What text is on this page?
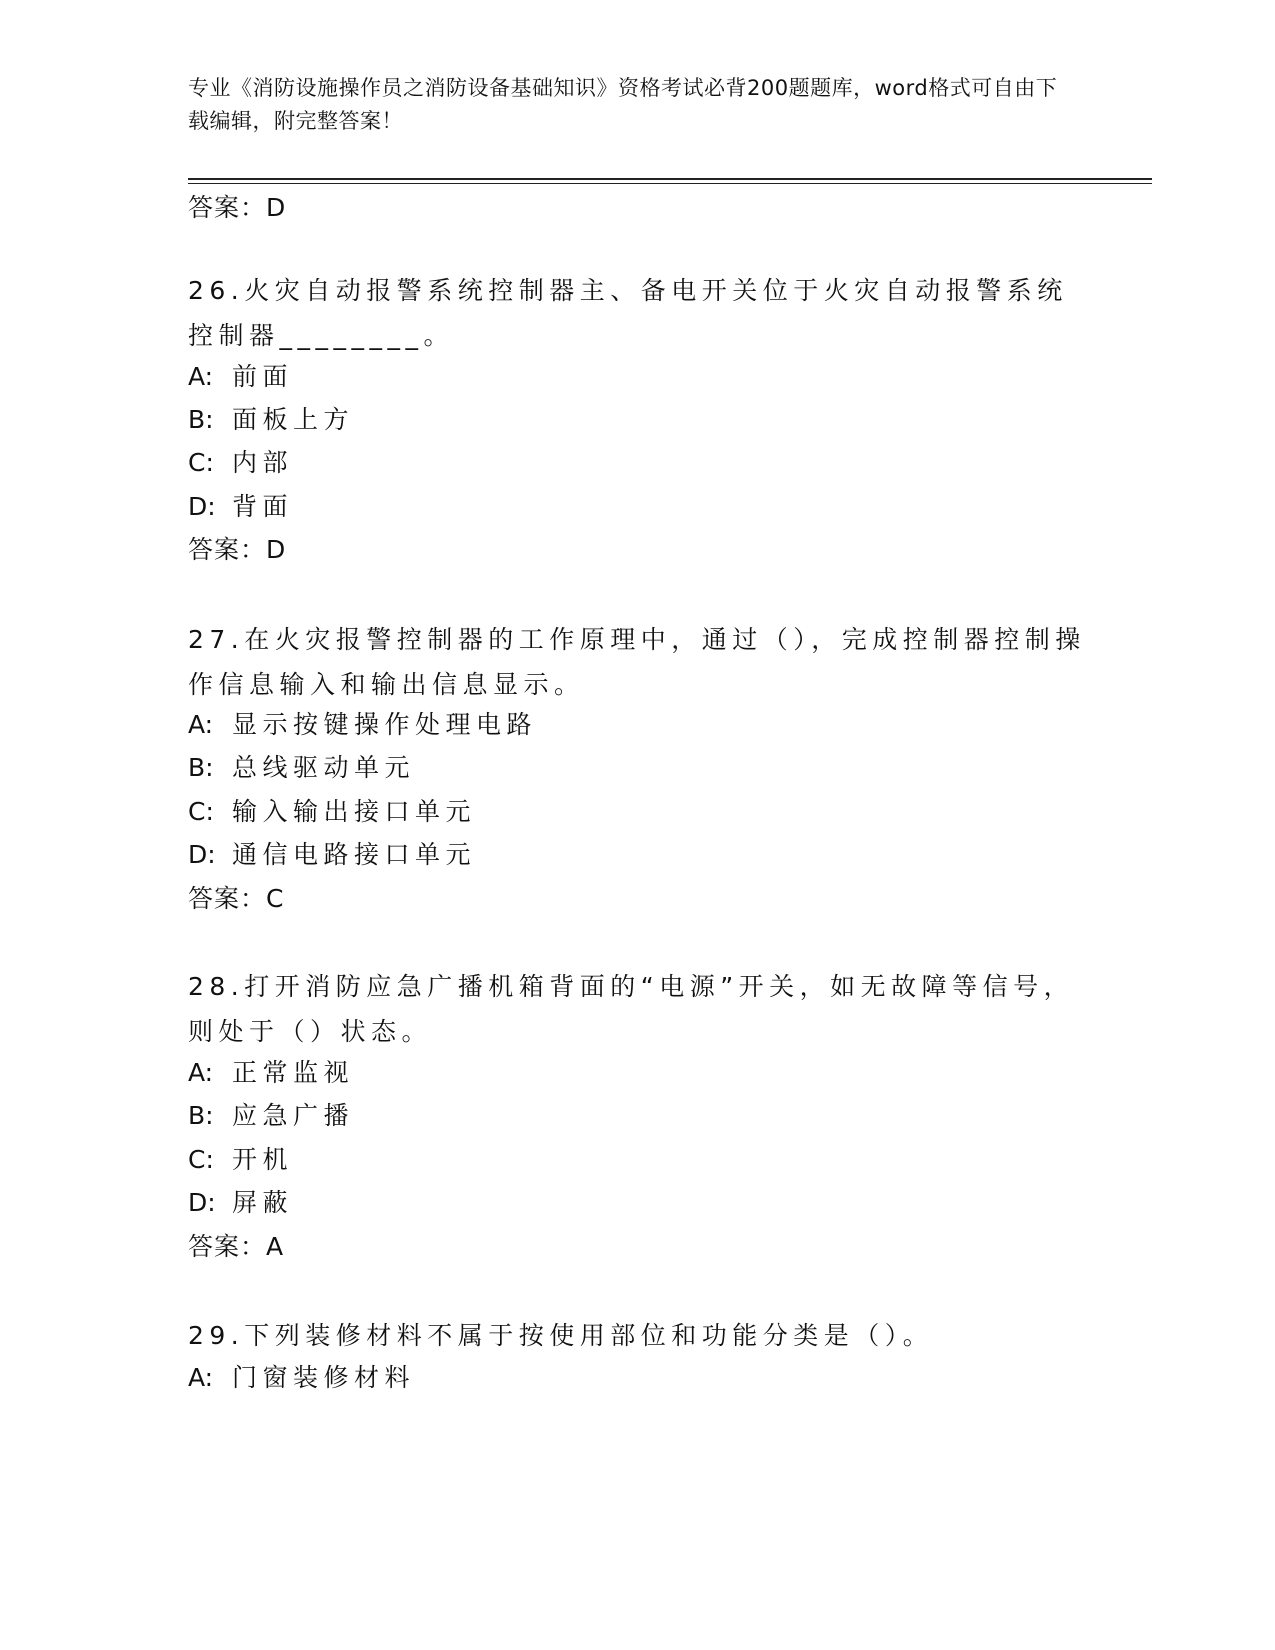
专业《消防设施操作员之消防设备基础知识》资格考试必背200题题库，word格式可自由下载编辑，附完整答案！
答案：D
26.火灾自动报警系统控制器主、备电开关位于火灾自动报警系统控制器________。
A: 前面
B: 面板上方
C: 内部
D: 背面
答案：D
27.在火灾报警控制器的工作原理中，通过（），完成控制器控制操作信息输入和输出信息显示。
A: 显示按键操作处理电路
B: 总线驱动单元
C: 输入输出接口单元
D: 通信电路接口单元
答案：C
28.打开消防应急广播机箱背面的“电源”开关，如无故障等信号，则处于（）状态。
A: 正常监视
B: 应急广播
C: 开机
D: 屏蔽
答案：A
29.下列装修材料不属于按使用部位和功能分类是（）。
A: 门窗装修材料
